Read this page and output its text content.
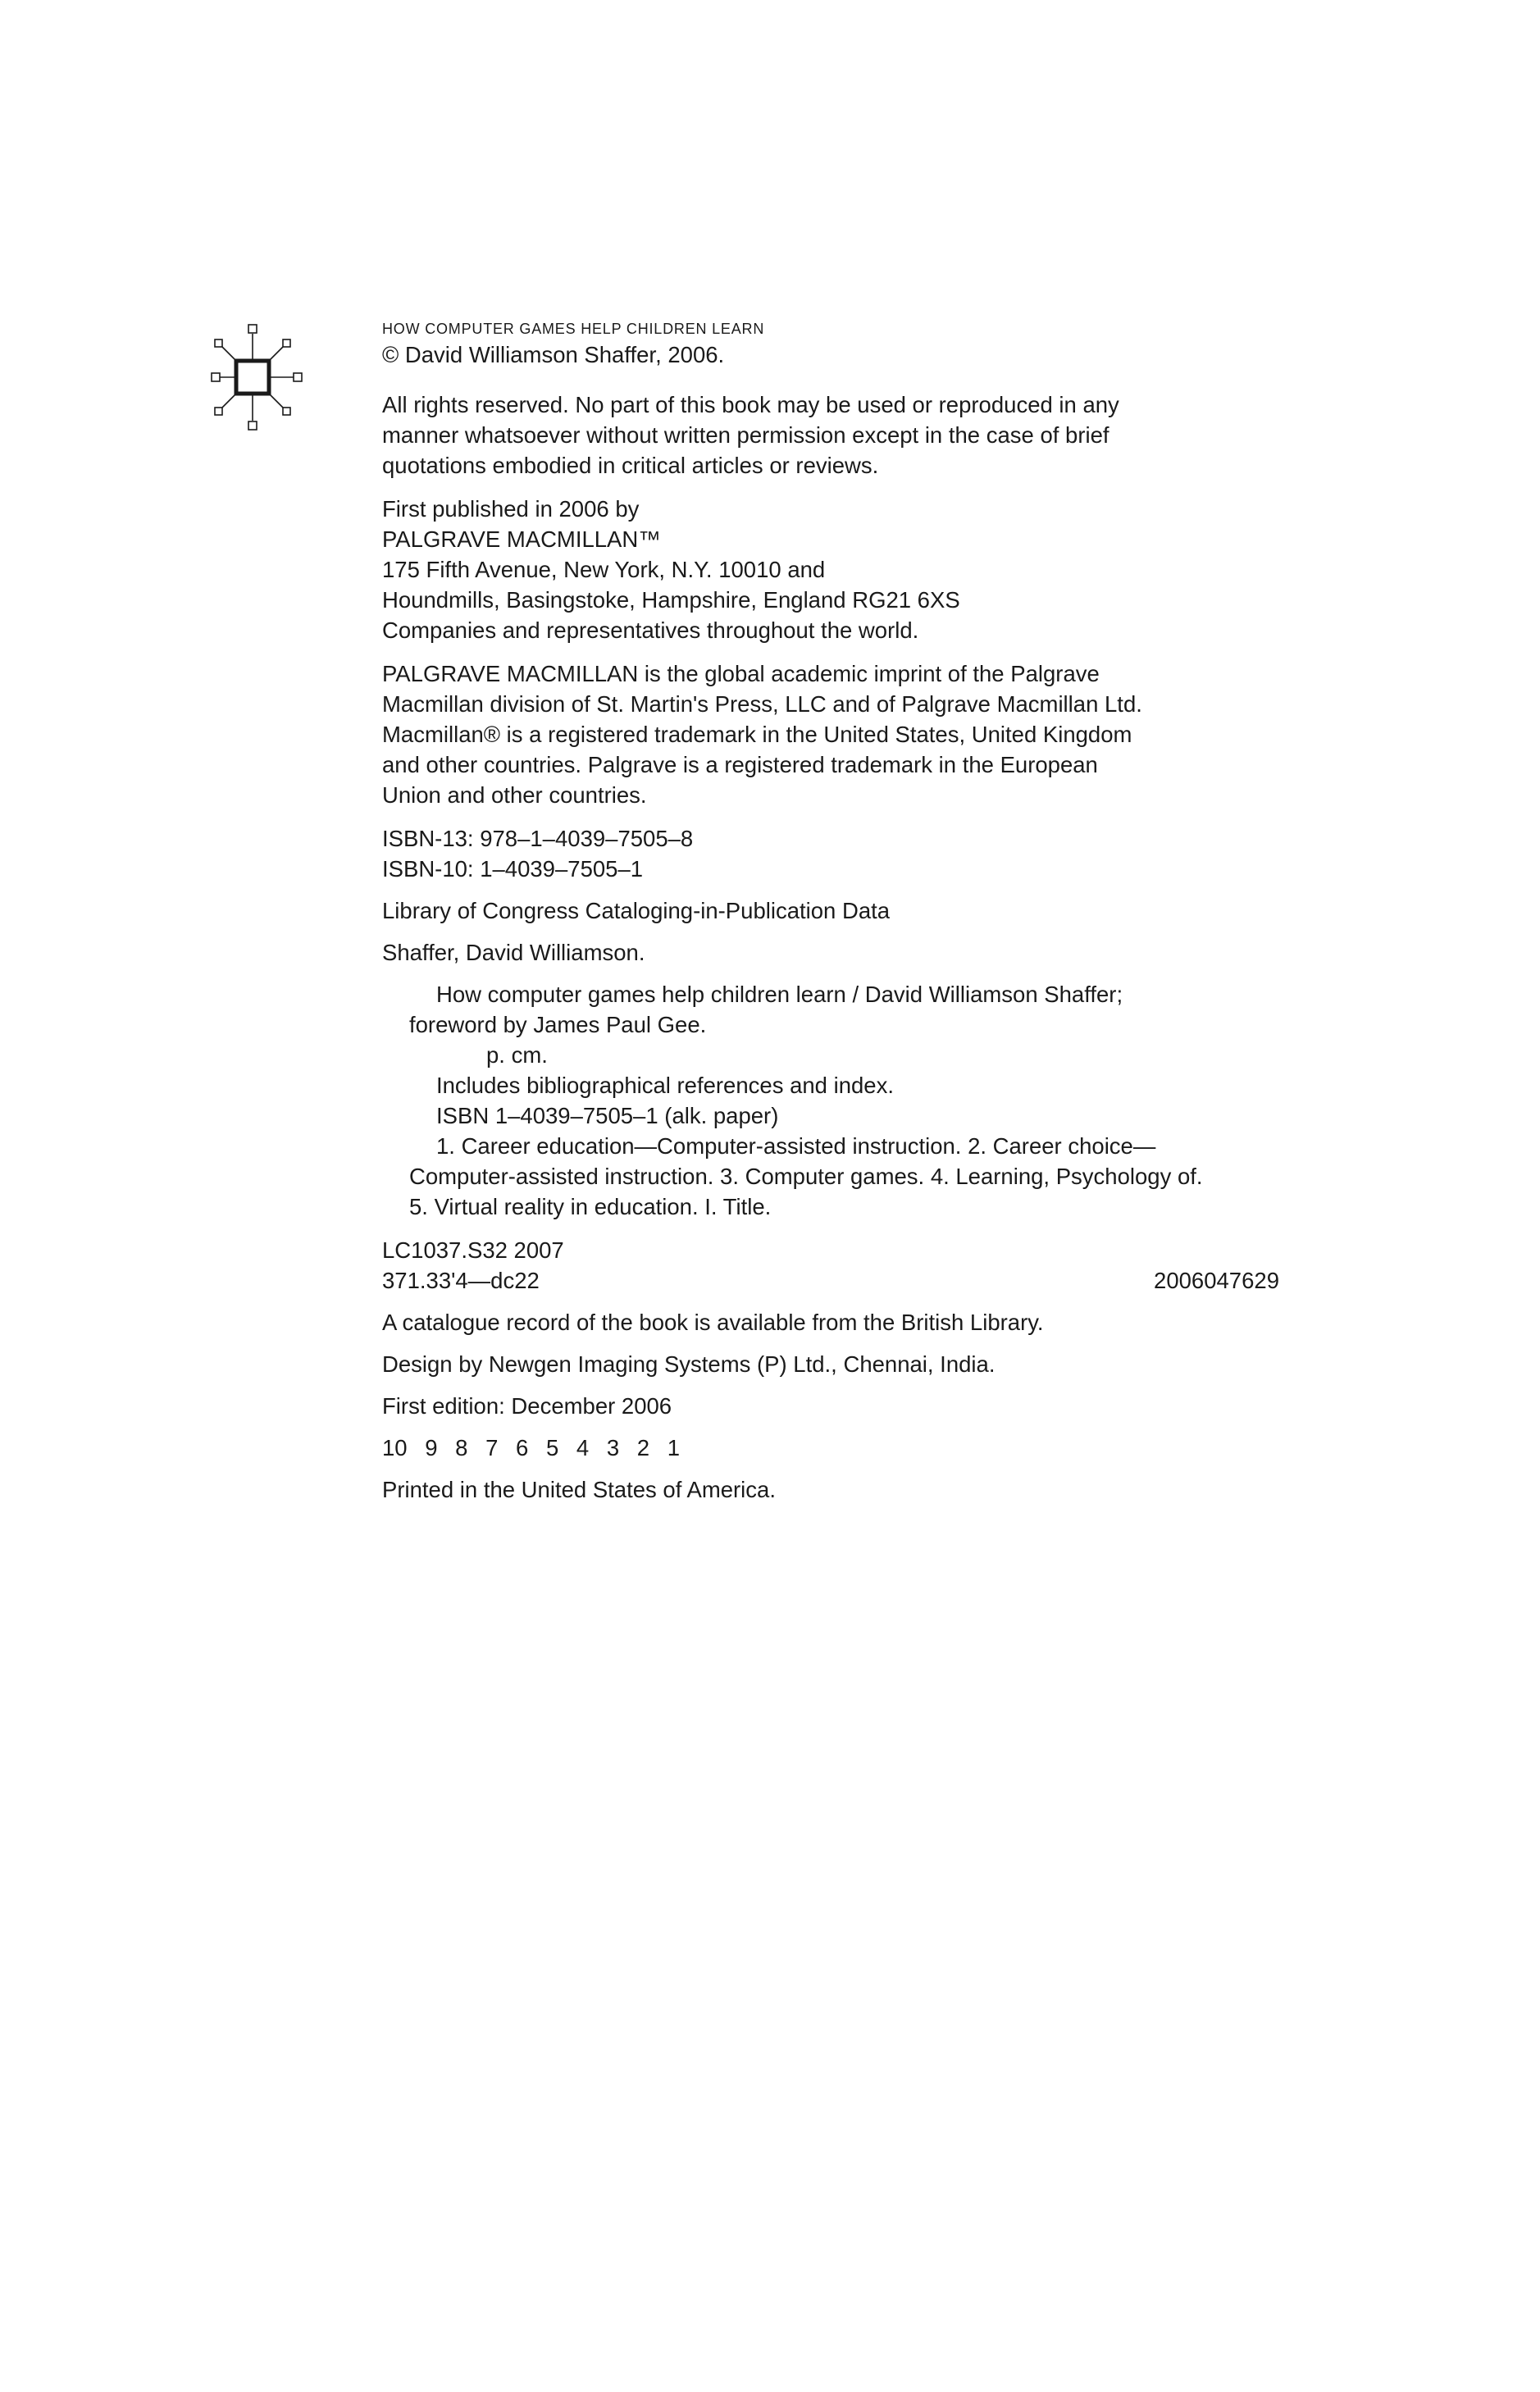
HOW COMPUTER GAMES HELP CHILDREN LEARN

© David Williamson Shaffer, 2006.

All rights reserved. No part of this book may be used or reproduced in any

manner whatsoever without written permission except in the case of brief

quotations embodied in critical articles or reviews.

First published in 2006 by

PALGRAVE MACMILLAN™

175 Fifth Avenue, New York, N.Y. 10010 and

Houndmills, Basingstoke, Hampshire, England RG21 6XS

Companies and representatives throughout the world.

PALGRAVE MACMILLAN is the global academic imprint of the Palgrave

Macmillan division of St. Martin's Press, LLC and of Palgrave Macmillan Ltd.

Macmillan® is a registered trademark in the United States, United Kingdom

and other countries. Palgrave is a registered trademark in the European

Union and other countries.

ISBN-13: 978–1–4039–7505–8

ISBN-10: 1–4039–7505–1

Library of Congress Cataloging-in-Publication Data

Shaffer, David Williamson.

How computer games help children learn / David Williamson Shaffer;

foreword by James Paul Gee.

p. cm.

Includes bibliographical references and index.

ISBN 1–4039–7505–1 (alk. paper)

1. Career education—Computer-assisted instruction. 2. Career choice—

Computer-assisted instruction. 3. Computer games. 4. Learning, Psychology of.

5. Virtual reality in education. I. Title.

LC1037.S32 2007

371.33'4—dc22	2006047629

A catalogue record of the book is available from the British Library.

Design by Newgen Imaging Systems (P) Ltd., Chennai, India.

First edition: December 2006

10 9 8 7 6 5 4 3 2 1

Printed in the United States of America.
